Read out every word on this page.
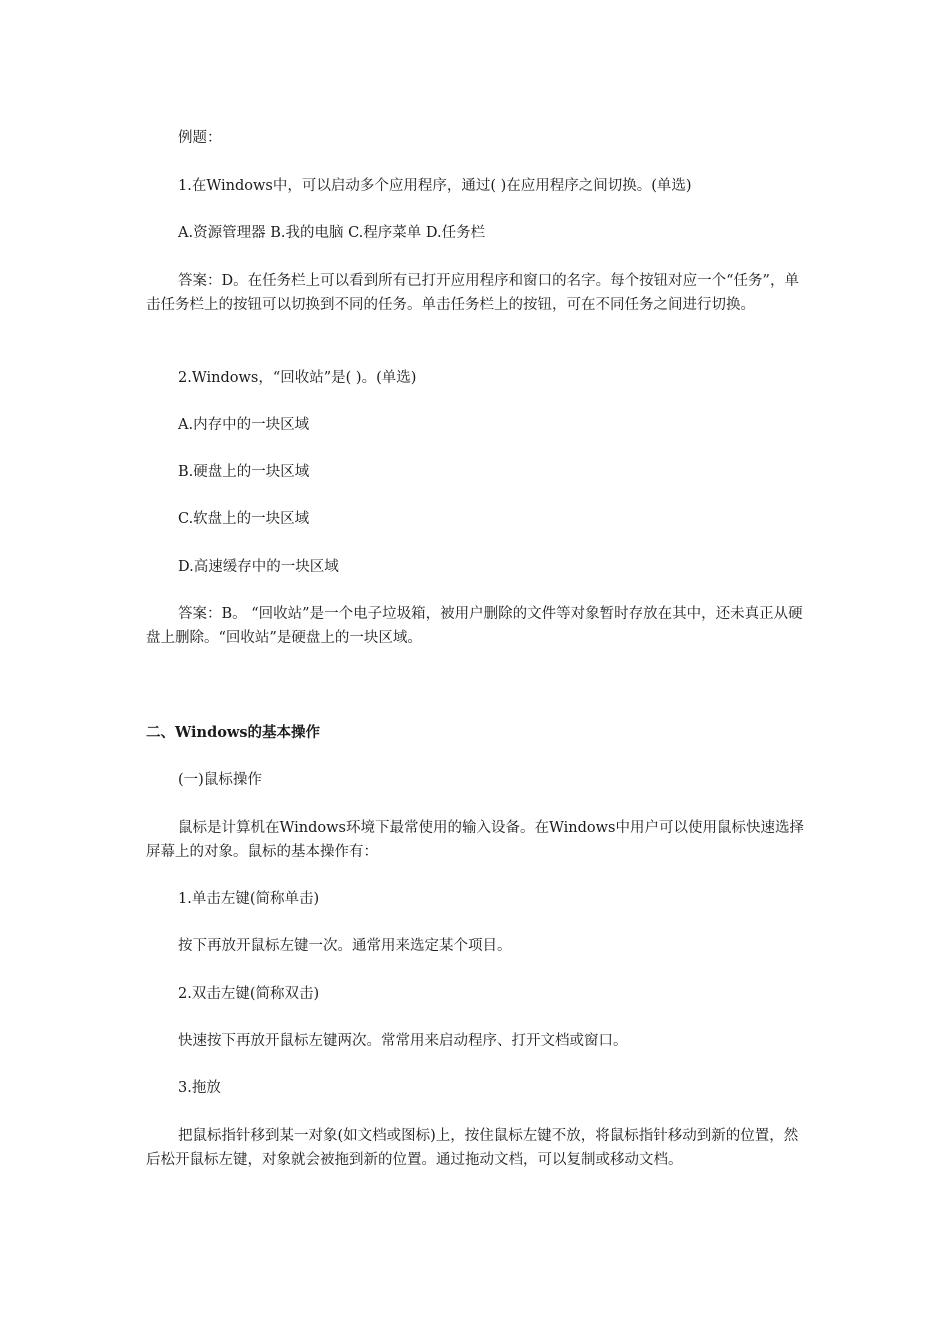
例题：

1.在Windows中，可以启动多个应用程序，通过( )在应用程序之间切换。(单选)

A.资源管理器 B.我的电脑 C.程序菜单 D.任务栏

答案：D。在任务栏上可以看到所有已打开应用程序和窗口的名字。每个按钮对应一个“任务”，单击任务栏上的按钮可以切换到不同的任务。单击任务栏上的按钮，可在不同任务之间进行切换。

2.Windows，“回收站”是( )。(单选)

A.内存中的一块区域

B.硬盘上的一块区域

C.软盘上的一块区域

D.高速缓存中的一块区域

答案：B。 “回收站”是一个电子垃圾箱，被用户删除的文件等对象暂时存放在其中，还未真正从硬盘上删除。“回收站”是硬盘上的一块区域。

二、Windows的基本操作

(一)鼠标操作

鼠标是计算机在Windows环境下最常使用的输入设备。在Windows中用户可以使用鼠标快速选择屏幕上的对象。鼠标的基本操作有：

1.单击左键(简称单击)

按下再放开鼠标左键一次。通常用来选定某个项目。

2.双击左键(简称双击)

快速按下再放开鼠标左键两次。常常用来启动程序、打开文档或窗口。

3.拖放

把鼠标指针移到某一对象(如文档或图标)上，按住鼠标左键不放，将鼠标指针移动到新的位置，然后松开鼠标左键，对象就会被拖到新的位置。通过拖动文档，可以复制或移动文档。
